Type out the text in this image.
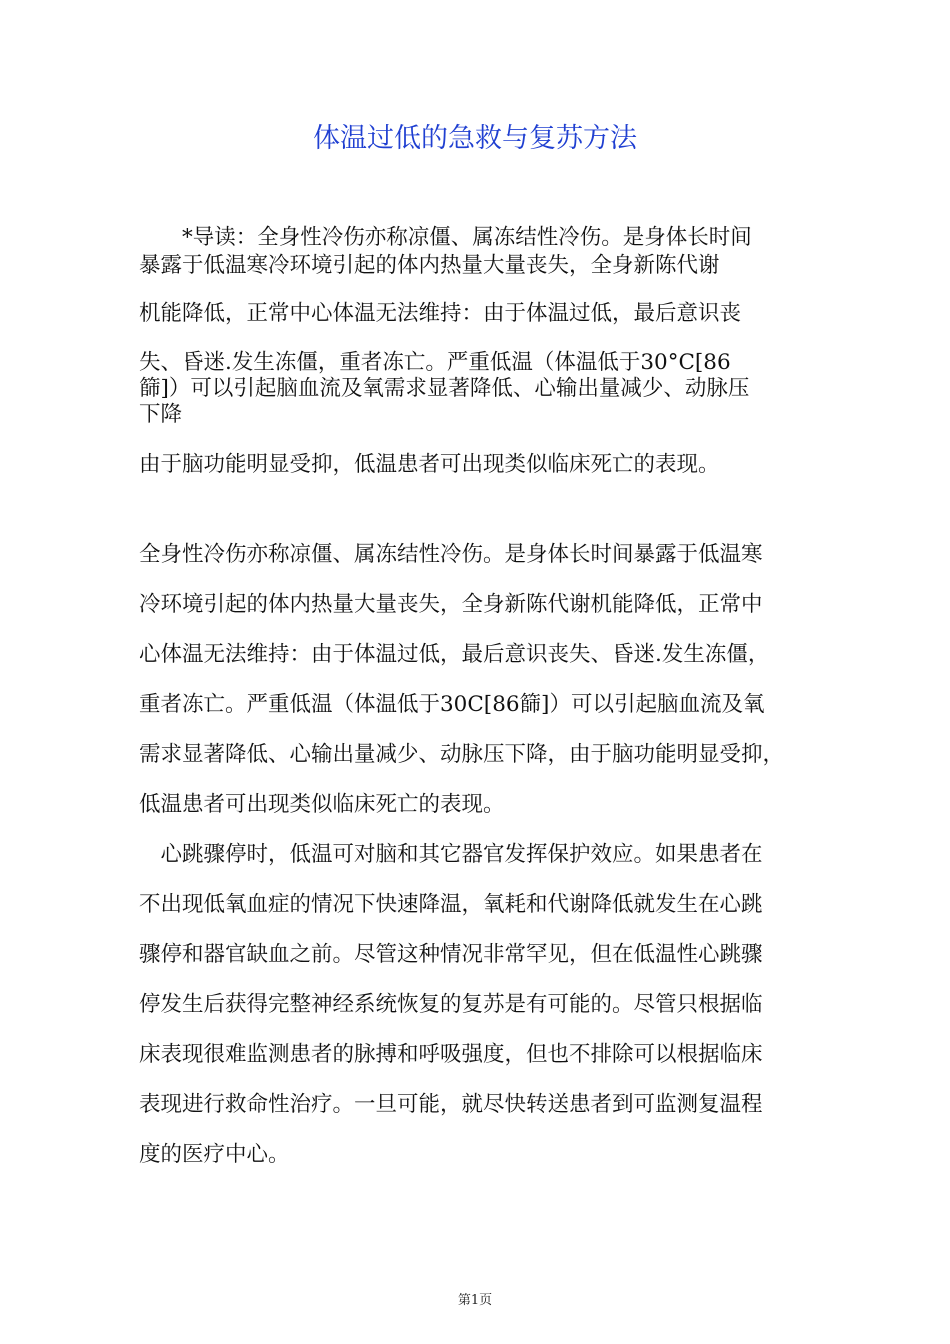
体温过低的急救与复苏方法
　　*导读：全身性冷伤亦称凉僵、属冻结性冷伤。是身体长时间
暴露于低温寒冷环境引起的体内热量大量丧失，全身新陈代谢
机能降低，正常中心体温无法维持：由于体温过低，最后意识丧
失、昏迷.发生冻僵，重者冻亡。严重低温（体温低于30°C[86
篩]）可以引起脑血流及氧需求显著降低、心输出量减少、动脉压
下降
由于脑功能明显受抑，低温患者可出现类似临床死亡的表现。
全身性冷伤亦称凉僵、属冻结性冷伤。是身体长时间暴露于低温寒
冷环境引起的体内热量大量丧失，全身新陈代谢机能降低，正常中
心体温无法维持：由于体温过低，最后意识丧失、昏迷.发生冻僵，
重者冻亡。严重低温（体温低于30C[86篩]）可以引起脑血流及氧
需求显著降低、心输出量减少、动脉压下降，由于脑功能明显受抑，
低温患者可出现类似临床死亡的表现。
　心跳骤停时，低温可对脑和其它器官发挥保护效应。如果患者在
不出现低氧血症的情况下快速降温，氧耗和代谢降低就发生在心跳
骤停和器官缺血之前。尽管这种情况非常罕见，但在低温性心跳骤
停发生后获得完整神经系统恢复的复苏是有可能的。尽管只根据临
床表现很难监测患者的脉搏和呼吸强度，但也不排除可以根据临床
表现进行救命性治疗。一旦可能，就尽快转送患者到可监测复温程
度的医疗中心。
第1页
